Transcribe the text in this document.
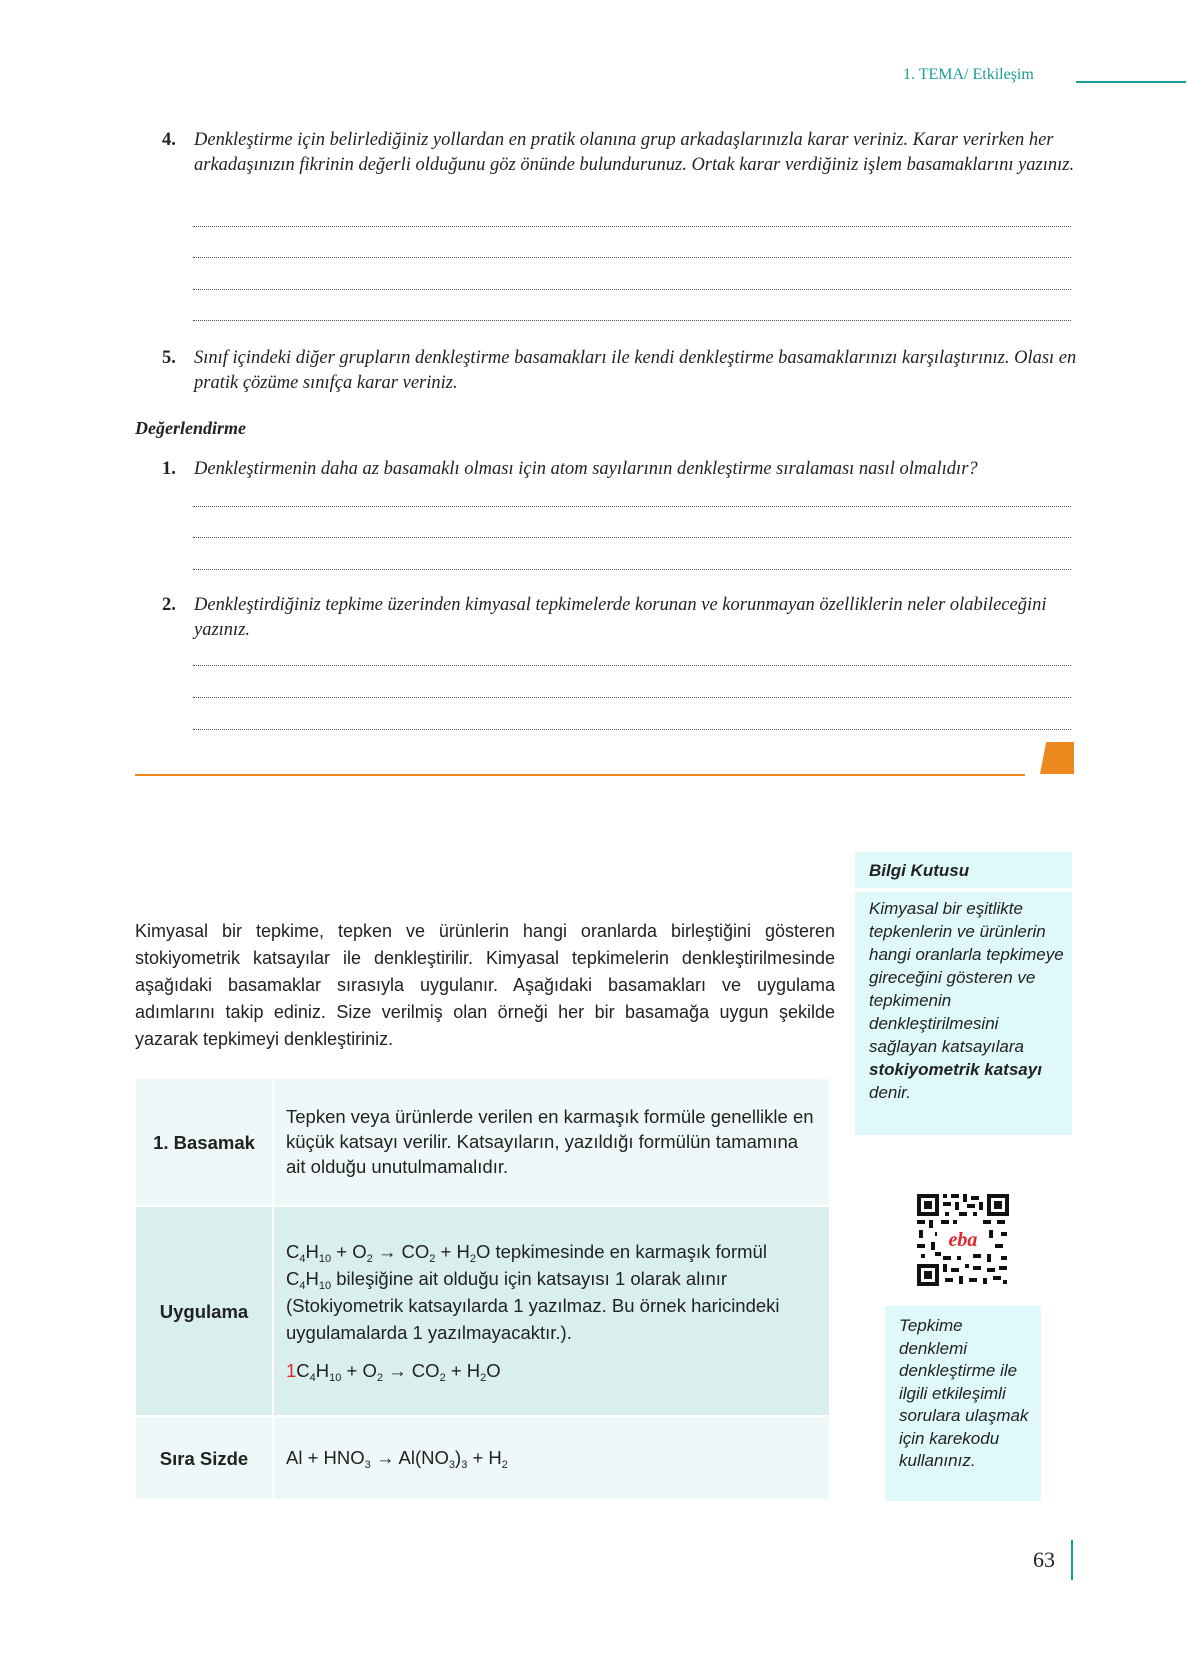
1. TEMA/ Etkileşim
4. Denkleştirme için belirlediğiniz yollardan en pratik olanına grup arkadaşlarınızla karar veriniz. Karar verirken her arkadaşınızın fikrinin değerli olduğunu göz önünde bulundurunuz. Ortak karar verdiğiniz işlem basamaklarını yazınız.
5. Sınıf içindeki diğer grupların denkleştirme basamakları ile kendi denkleştirme basamaklarınızı karşılaştırınız. Olası en pratik çözüme sınıfça karar veriniz.
Değerlendirme
1. Denkleştirmenin daha az basamaklı olması için atom sayılarının denkleştirme sıralaması nasıl olmalıdır?
2. Denkleştirdiğiniz tepkime üzerinden kimyasal tepkimelerde korunan ve korunmayan özelliklerin neler olabileceğini yazınız.
Kimyasal bir tepkime, tepken ve ürünlerin hangi oranlarda birleştiğini gösteren stokiyometrik katsayılar ile denkleştirilir. Kimyasal tepkimelerin denkleştirilmesinde aşağıdaki basamaklar sırasıyla uygulanır. Aşağıdaki basamakları ve uygulama adımlarını takip ediniz. Size verilmiş olan örneği her bir basamağa uygun şekilde yazarak tepkimeyi denkleştiriniz.
1. Basamak	Tepken veya ürünlerde verilen en karmaşık formüle genellikle en küçük katsayı verilir. Katsayıların, yazıldığı formülün tamamına ait olduğu unutulmamalıdır.
Uygulama	$C_4H_{10} + O_2 \to CO_2 + H_2O$ tepkimesinde en karmaşık formül $C_4H_{10}$ bileşiğine ait olduğu için katsayısı 1 olarak alınır (Stokiyometrik katsayılarda 1 yazılmaz. Bu örnek haricindeki uygulamalarda 1 yazılmayacaktır.).
$1C_4H_{10} + O_2 \to CO_2 + H_2O$

Sıra Sizde	$Al + HNO_3 \to Al(NO_3)_3 + H_2$
Bilgi Kutusu
Kimyasal bir eşitlikte tepkenlerin ve ürünlerin hangi oranlarla tepkimeye gireceğini gösteren ve tepkimenin denkleştirilmesini sağlayan katsayılara stokiyometrik katsayı denir.
eba
Tepkime denklemi denkleştirme ile ilgili etkileşimli sorulara ulaşmak için karekodu kullanınız.
63
